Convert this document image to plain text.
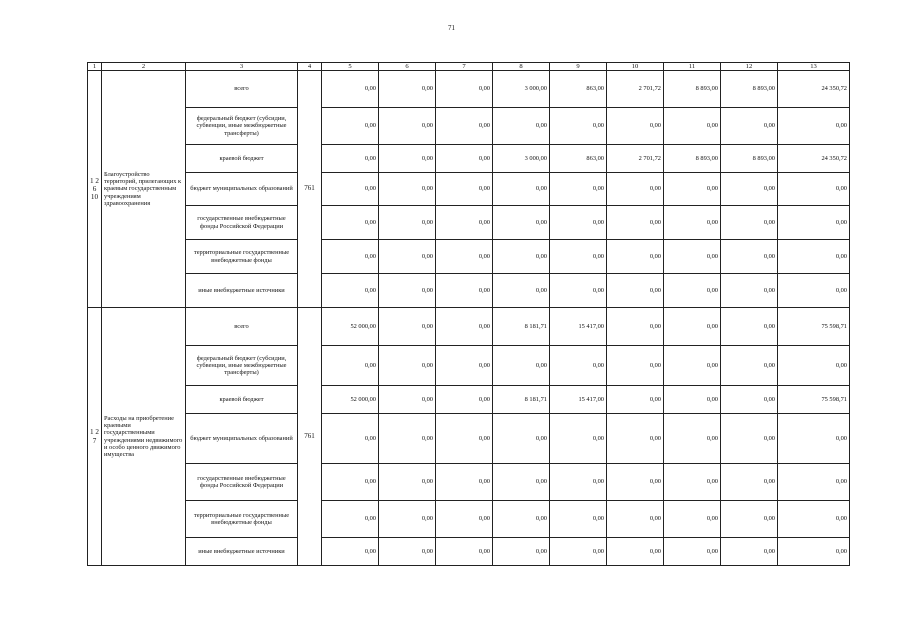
71
1	2	3	4	5	6	7	8	9	10	11	12	13
1 2 6 10	Благоустройство территорий, прилегающих к краевым государственным учреждениям здравоохранения	всего	761	0,00	0,00	0,00	3 000,00	863,00	2 701,72	8 893,00	8 893,00	24 350,72
		федеральный бюджет (субсидии, субвенции, иные межбюджетные трансферты)		0,00	0,00	0,00	0,00	0,00	0,00	0,00	0,00	0,00
		краевой бюджет		0,00	0,00	0,00	3 000,00	863,00	2 701,72	8 893,00	8 893,00	24 350,72
		бюджет муниципальных образований		0,00	0,00	0,00	0,00	0,00	0,00	0,00	0,00	0,00
		государственные внебюджетные фонды Российской Федерации		0,00	0,00	0,00	0,00	0,00	0,00	0,00	0,00	0,00
		территориальные государственные внебюджетные фонды		0,00	0,00	0,00	0,00	0,00	0,00	0,00	0,00	0,00
		иные внебюджетные источники		0,00	0,00	0,00	0,00	0,00	0,00	0,00	0,00	0,00
1 2 7	Расходы на приобретение краевыми государственными учреждениями недвижимого и особо ценного движимого имущества	всего	761	52 000,00	0,00	0,00	8 181,71	15 417,00	0,00	0,00	0,00	75 598,71
		федеральный бюджет (субсидии, субвенции, иные межбюджетные трансферты)		0,00	0,00	0,00	0,00	0,00	0,00	0,00	0,00	0,00
		краевой бюджет		52 000,00	0,00	0,00	8 181,71	15 417,00	0,00	0,00	0,00	75 598,71
		бюджет муниципальных образований		0,00	0,00	0,00	0,00	0,00	0,00	0,00	0,00	0,00
		государственные внебюджетные фонды Российской Федерации		0,00	0,00	0,00	0,00	0,00	0,00	0,00	0,00	0,00
		территориальные государственные внебюджетные фонды		0,00	0,00	0,00	0,00	0,00	0,00	0,00	0,00	0,00
		иные внебюджетные источники		0,00	0,00	0,00	0,00	0,00	0,00	0,00	0,00	0,00
